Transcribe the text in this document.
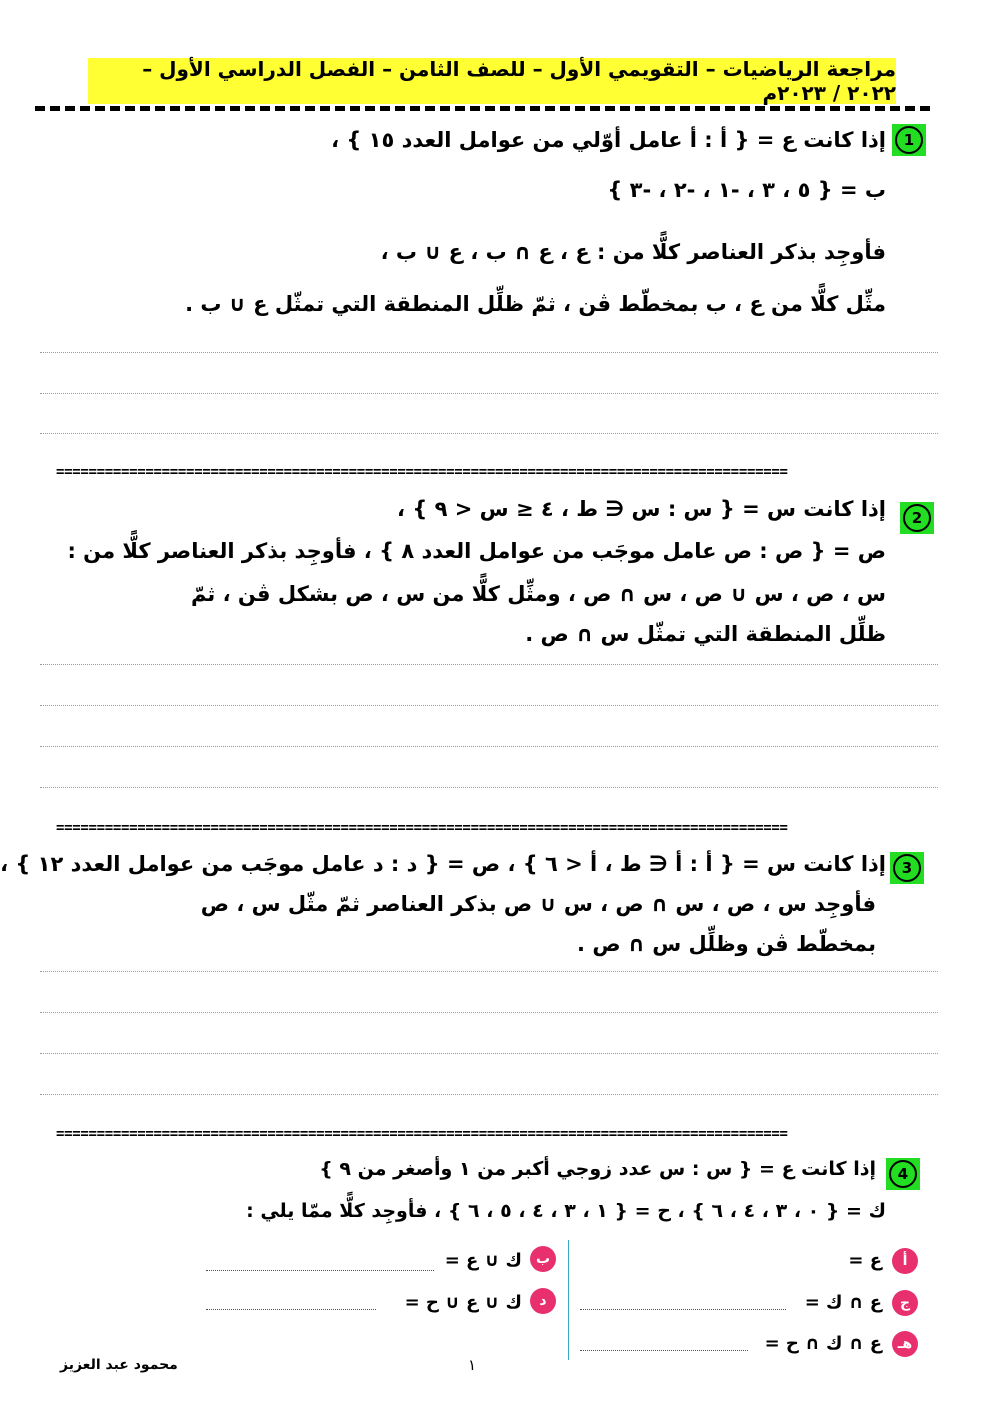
مراجعة الرياضيات – التقويمي الأول – للصف الثامن – الفصل الدراسي الأول – ٢٠٢٢ / ٢٠٢٣م
1
إذا كانت ع = { أ : أ عامل أوّلي من عوامل العدد ١٥ } ،
ب = { ٥ ، ٣ ، -١ ، -٢ ، -٣ }
فأوجِد بذكر العناصر كلًّا من : ع ، ع ∩ ب ، ع ∪ ب ،
مثِّل كلًّا من ع ، ب بمخطّط ڤن ، ثمّ ظلِّل المنطقة التي تمثّل ع ∪ ب .
==========================================================================================
2
إذا كانت س = { س : س ∈ ط ، ٤ ≤ س < ٩ } ،
ص = { ص : ص عامل موجَب من عوامل العدد ٨ } ، فأوجِد بذكر العناصر كلًّا من :
س ، ص ، س ∪ ص ، س ∩ ص ، ومثِّل كلًّا من س ، ص بشكل ڤن ، ثمّ
ظلِّل المنطقة التي تمثّل س ∩ ص .
==========================================================================================
3
إذا كانت س = { أ : أ ∈ ط ، أ < ٦ } ، ص = { د : د عامل موجَب من عوامل العدد ١٢ } ،
فأوجِد س ، ص ، س ∩ ص ، س ∪ ص بذكر العناصر ثمّ مثّل س ، ص
بمخطّط ڤن وظلِّل س ∩ ص .
==========================================================================================
4
إذا كانت ع = { س : س عدد زوجي أكبر من ١ وأصغر من ٩ }
ك = { ٠ ، ٣ ، ٤ ، ٦ } ، ح = { ١ ، ٣ ، ٤ ، ٥ ، ٦ } ، فأوجِد كلًّا ممّا يلي :
أ
ع =
ج
ع ∩ ك =
هـ
ع ∩ ك ∩ ح =
ب
ك ∪ ع =
د
ك ∪ ع ∪ ح =
محمود عبد العزيز	١
